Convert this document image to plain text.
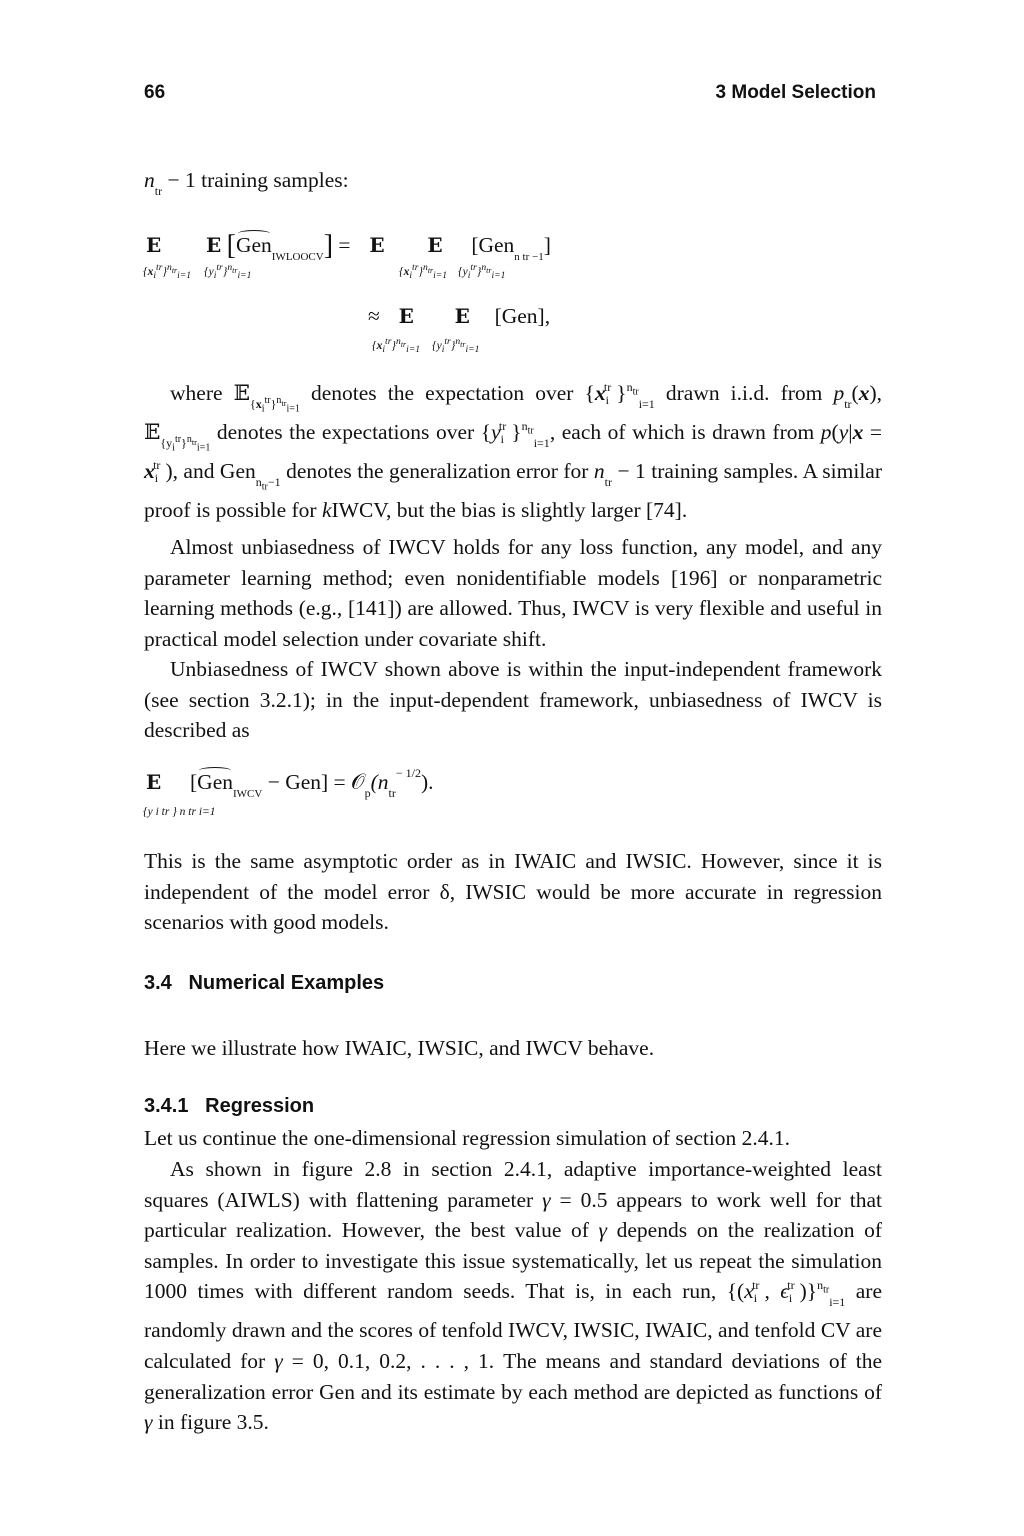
66	3 Model Selection
$n_{tr} - 1$ training samples:
E
$\{x_i^{tr}\}^{n_{tr}}_{i=1}$
E
$\{y_i^{tr}\}^{n_{tr}}_{i=1}$
[Gen$_{IWLOOCV}$] = E
$\{x_i^{tr}\}^{n_{tr}}_{i=1}$
E
$\{y_i^{tr}\}^{n_{tr}}_{i=1}$
[Gen$_{n tr -1}$]
≈ E
$\{x_i^{tr}\}^{n_{tr}}_{i=1}$
E
$\{y_i^{tr}\}^{n_{tr}}_{i=1}$
[Gen],

where 𝔼$_{\{x_i^{tr}\}^{n_{tr}}_{i=1}}$ denotes the expectation over {$xi^{tr}$ }$^{n_{tr}}_{i=1}$ drawn i.i.d. from $p_{tr}(x)$, 𝔼$_{\{y_i^{tr}\}^{n_{tr}}_{i=1}}$ denotes the expectations over {$yi^{tr}$ }$^{n_{tr}}_{i=1}$, each of which is drawn from $p(y|x = xi^{tr}$ ), and Gen$_{n_{tr}-1}$ denotes the generalization error for $n_{tr} - 1$ training samples. A similar proof is possible for kIWCV, but the bias is slightly larger [74].

Almost unbiasedness of IWCV holds for any loss function, any model, and any parameter learning method; even nonidentifiable models [196] or nonparametric learning methods (e.g., [141]) are allowed. Thus, IWCV is very flexible and useful in practical model selection under covariate shift.

Unbiasedness of IWCV shown above is within the input-independent framework (see section 3.2.1); in the input-dependent framework, unbiasedness of IWCV is described as

E
{y i tr } n tr i=1
$[Gen_{IWCV} - Gen] = 𝒪_p(n_{tr}^{- 1/2})$.

This is the same asymptotic order as in IWAIC and IWSIC. However, since it is independent of the model error δ, IWSIC would be more accurate in regression scenarios with good models.

3.4 Numerical Examples

Here we illustrate how IWAIC, IWSIC, and IWCV behave.

3.4.1 Regression

Let us continue the one-dimensional regression simulation of section 2.4.1.

As shown in figure 2.8 in section 2.4.1, adaptive importance-weighted least squares (AIWLS) with flattening parameter γ = 0.5 appears to work well for that particular realization. However, the best value of γ depends on the realization of samples. In order to investigate this issue systematically, let us repeat the simulation 1000 times with different random seeds. That is, in each run, {($xi^{tr}$ , $\epsilon i^{tr}$ )}$^{n_{tr}}_{i=1}$ are randomly drawn and the scores of tenfold IWCV, IWSIC, IWAIC, and tenfold CV are calculated for γ = 0, 0.1, 0.2, . . . , 1. The means and standard deviations of the generalization error Gen and its estimate by each method are depicted as functions of γ in figure 3.5.
